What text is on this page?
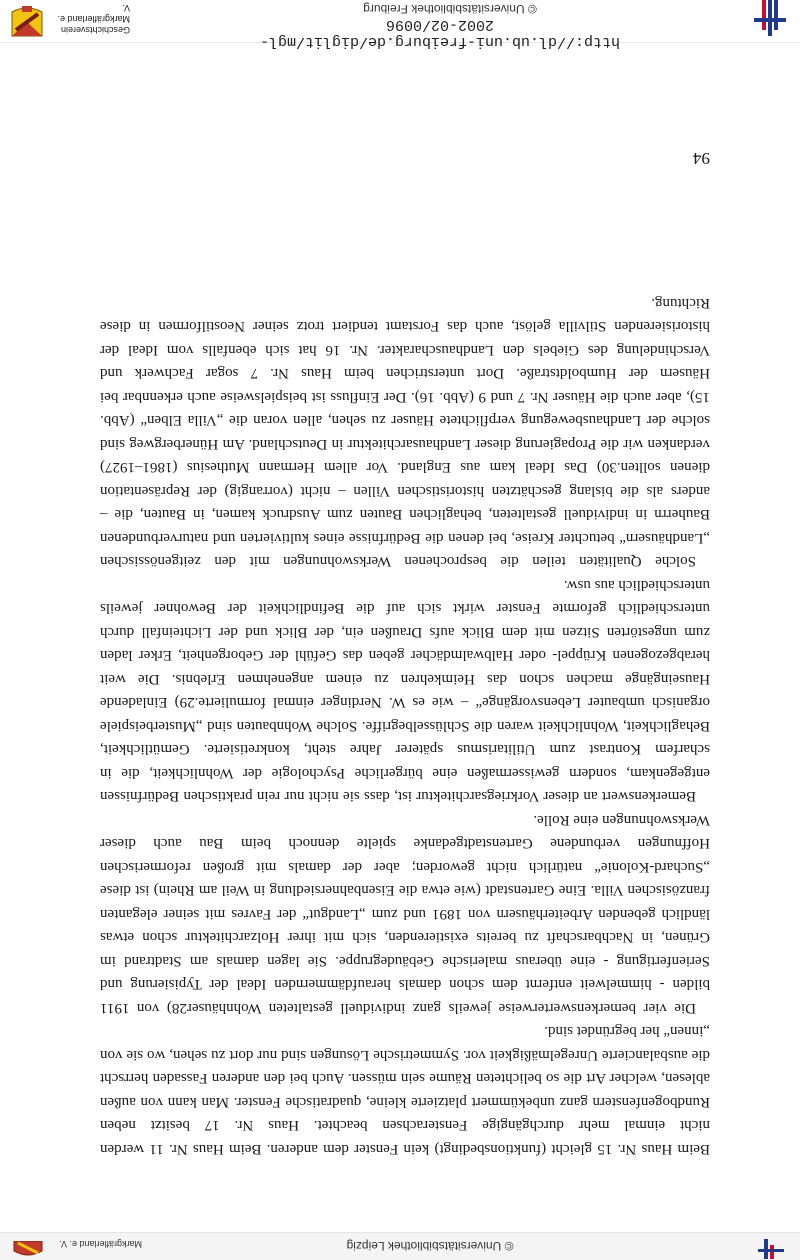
Geschichtsverein
Markgräflerland e. V.	© Universitätsbibliothek Freiburg
http://dl.ub.uni-freiburg.de/diglit/mgl-2002-02/0096

Beim Haus Nr. 15 gleicht (funktionsbedingt) kein Fenster dem anderen. Beim Haus Nr. 11 werden nicht einmal mehr durchgängige Fensterachsen beachtet. Haus Nr. 17 besitzt neben Rundbogenfenstern ganz unbekümmert platzierte kleine, quadratische Fenster. Man kann von außen ablesen, welcher Art die so belichteten Räume sein müssen. Auch bei den anderen Fassaden herrscht die ausbalancierte Unregelmäßigkeit vor. Symmetrische Lösungen sind nur dort zu sehen, wo sie von „innen“ her begründet sind.

Die vier bemerkenswerterweise jeweils ganz individuell gestalteten Wohnhäuser28) von 1911 bilden - himmelweit entfernt dem schon damals heraufdämmernden Ideal der Typisierung und Serienfertigung - eine überaus malerische Gebäudegruppe. Sie lagen damals am Stadtrand im Grünen, in Nachbarschaft zu bereits existierenden, sich mit ihrer Holzarchitektur schon etwas ländlich gebenden Arbeiterhäusern von 1891 und zum „Landgut“ der Favres mit seiner eleganten französischen Villa. Eine Gartenstadt (wie etwa die Eisenbahnersiedlung in Weil am Rhein) ist diese „Suchard-Kolonie“ natürlich nicht geworden; aber der damals mit großen reformerischen Hoffnungen verbundene Gartenstadtgedanke spielte dennoch beim Bau auch dieser Werkswohnungen eine Rolle.

Bemerkenswert an dieser Vorkriegsarchitektur ist, dass sie nicht nur rein praktischen Bedürfnissen entgegenkam, sondern gewissermaßen eine bürgerliche Psychologie der Wohnlichkeit, die in scharfem Kontrast zum Utilitarismus späterer Jahre steht, konkretisierte. Gemütlichkeit, Behaglichkeit, Wohnlichkeit waren die Schlüsselbegriffe. Solche Wohnbauten sind „Musterbeispiele organisch umbauter Lebensvorgänge“ – wie es W. Nerdinger einmal formulierte.29) Einladende Hauseingänge machen schon das Heimkehren zu einem angenehmen Erlebnis. Die weit herabgezogenen Krüppel- oder Halbwalmdächer geben das Gefühl der Geborgenheit, Erker laden zum ungestörten Sitzen mit dem Blick aufs Draußen ein, der Blick und der Lichteinfall durch unterschiedlich geformte Fenster wirkt sich auf die Befindlichkeit der Bewohner jeweils unterschiedlich aus usw.

Solche Qualitäten teilen die besprochenen Werkswohnungen mit den zeitgenössischen „Landhäusern“ betuchter Kreise, bei denen die Bedürfnisse eines kultivierten und naturverbundenen Bauherrn in individuell gestalteten, behaglichen Bauten zum Ausdruck kamen, in Bauten, die – anders als die bislang geschätzten historistischen Villen – nicht (vorrangig) der Repräsentation dienen sollten.30) Das Ideal kam aus England. Vor allem Hermann Muthesius (1861–1927) verdanken wir die Propagierung dieser Landhausarchitektur in Deutschland. Am Hünerbergweg sind solche der Landhausbewegung verpflichtete Häuser zu sehen, allen voran die „Villa Elben“ (Abb. 15), aber auch die Häuser Nr. 7 und 9 (Abb. 16). Der Einfluss ist beispielsweise auch erkennbar bei Häusern der Humboldtstraße. Dort unterstrichen beim Haus Nr. 7 sogar Fachwerk und Verschindelung des Giebels den Landhauscharakter. Nr. 16 hat sich ebenfalls vom Ideal der historisierenden Stilvilla gelöst, auch das Forstamt tendiert trotz seiner Neostilformen in diese Richtung.

94
Markgräflerland e. V.	© Universitätsbibliothek Leipzig
